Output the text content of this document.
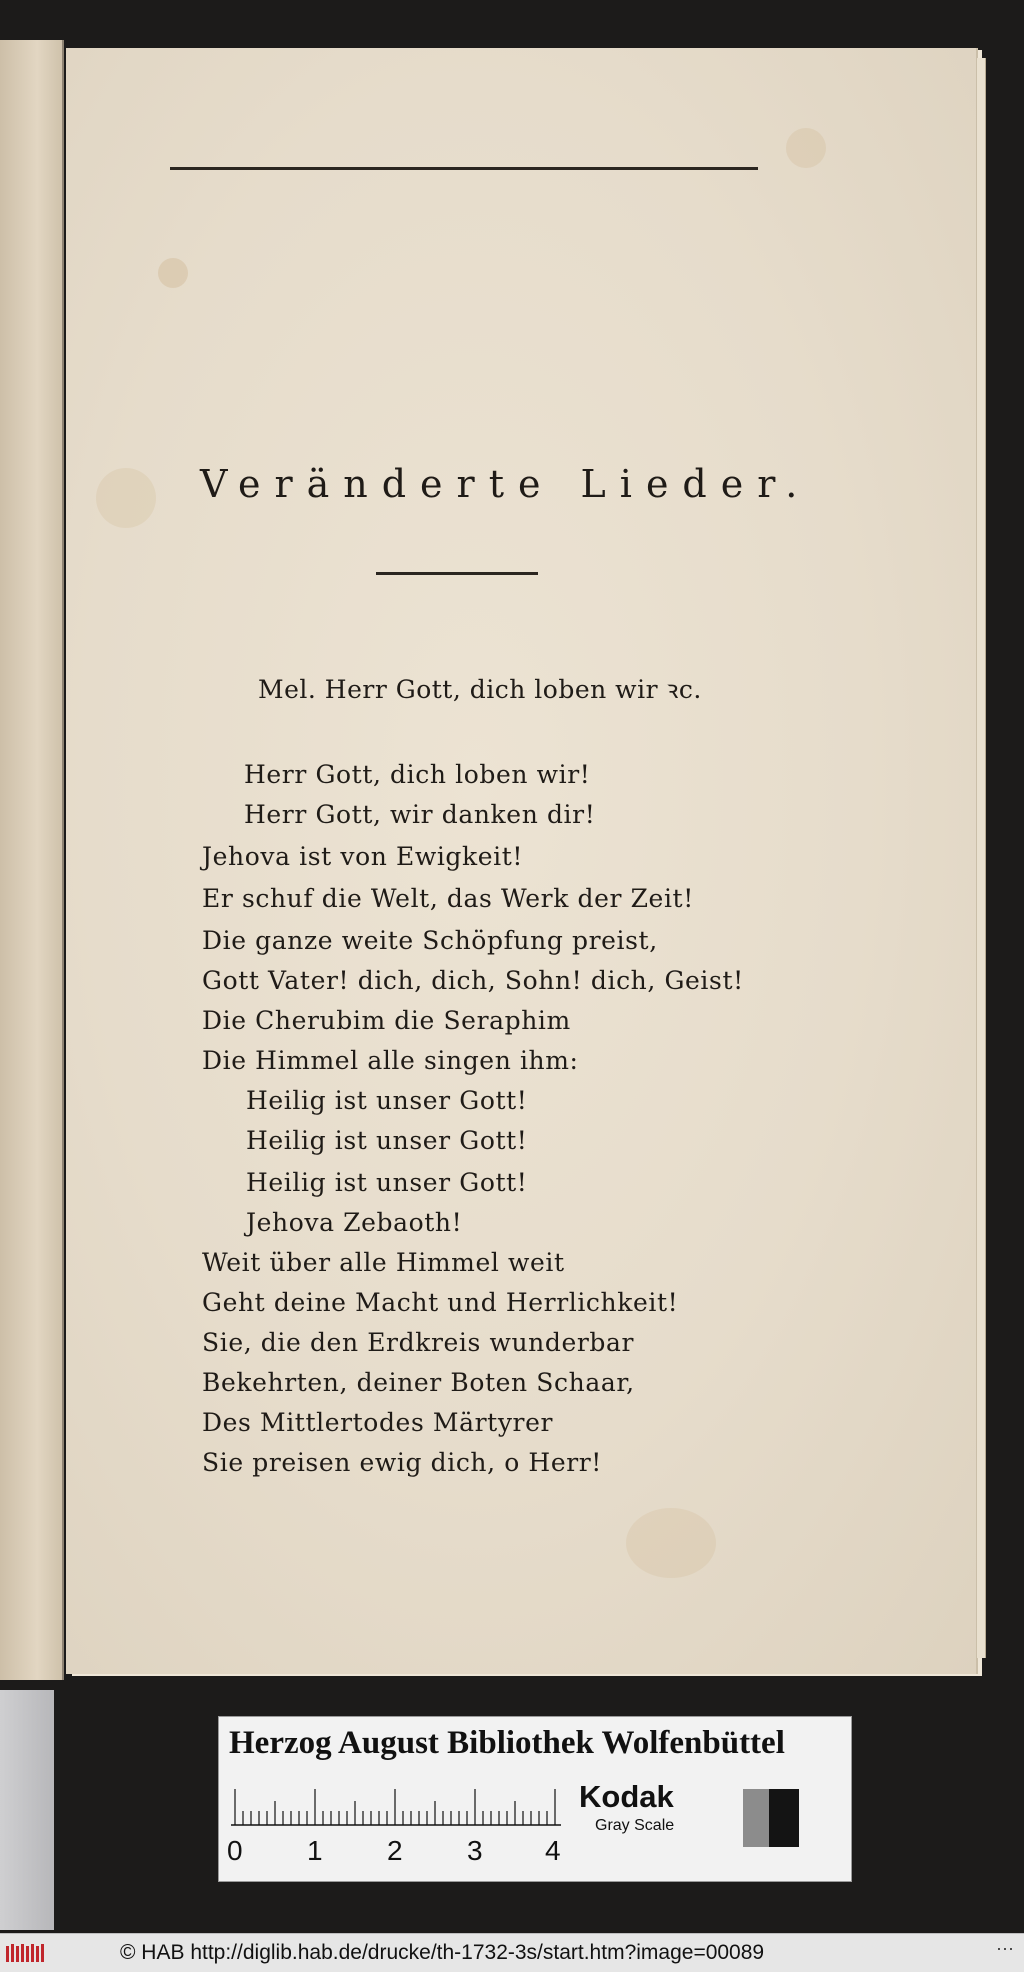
Veränderte Lieder.
Mel. Herr Gott, dich loben wir ꝛc.
Herr Gott, dich loben wir!
Herr Gott, wir danken dir!
Jehova ist von Ewigkeit!
Er schuf die Welt, das Werk der Zeit!
Die ganze weite Schöpfung preist,
Gott Vater! dich, dich, Sohn! dich, Geist!
Die Cherubim die Seraphim
Die Himmel alle singen ihm:
Heilig ist unser Gott!
Heilig ist unser Gott!
Heilig ist unser Gott!
Jehova Zebaoth!
Weit über alle Himmel weit
Geht deine Macht und Herrlichkeit!
Sie, die den Erdkreis wunderbar
Bekehrten, deiner Boten Schaar,
Des Mittlertodes Märtyrer
Sie preisen ewig dich, o Herr!
Herzog August Bibliothek Wolfenbüttel
0 1 2 3 4
Kodak
Gray Scale
© HAB http://diglib.hab.de/drucke/th-1732-3s/start.htm?image=00089	···
